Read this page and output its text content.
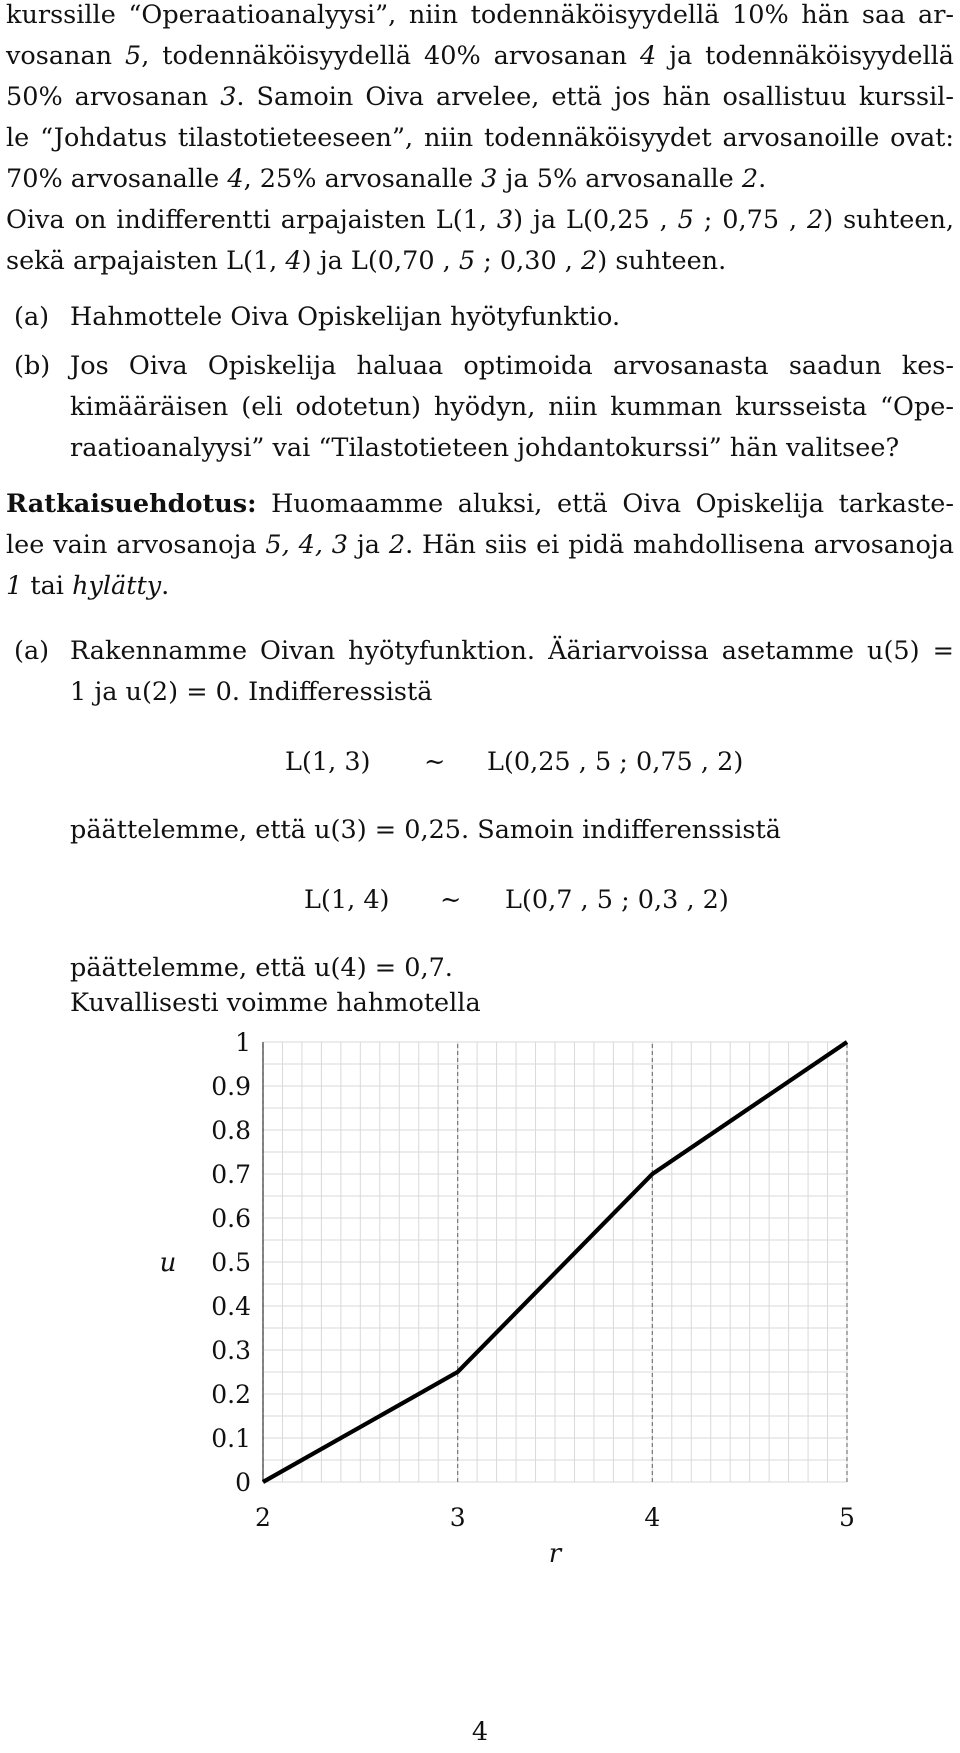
kurssille “Operaatioanalyysi”, niin todennäköisyydellä 10% hän saa ar-

vosanan 5, todennäköisyydellä 40% arvosanan 4 ja todennäköisyydellä

50% arvosanan 3. Samoin Oiva arvelee, että jos hän osallistuu kurssil-

le “Johdatus tilastotieteeseen”, niin todennäköisyydet arvosanoille ovat:

70% arvosanalle 4, 25% arvosanalle 3 ja 5% arvosanalle 2.

Oiva on indifferentti arpajaisten L(1, 3) ja L(0,25 , 5 ; 0,75 , 2) suhteen,

sekä arpajaisten L(1, 4) ja L(0,70 , 5 ; 0,30 , 2) suhteen.

(a) Hahmottele Oiva Opiskelijan hyötyfunktio.

(b) Jos Oiva Opiskelija haluaa optimoida arvosanasta saadun kes-

kimääräisen (eli odotetun) hyödyn, niin kumman kursseista “Ope-

raatioanalyysi” vai “Tilastotieteen johdantokurssi” hän valitsee?

Ratkaisuehdotus: Huomaamme aluksi, että Oiva Opiskelija tarkaste-

lee vain arvosanoja 5, 4, 3 ja 2. Hän siis ei pidä mahdollisena arvosanoja

1 tai hylätty.

(a) Rakennamme Oivan hyötyfunktion. Ääriarvoissa asetamme u(5) =

1 ja u(2) = 0. Indifferessistä

L(1, 3) ∼ L(0,25 , 5 ; 0,75 , 2)

päättelemme, että u(3) = 0,25. Samoin indifferenssistä

L(1, 4) ∼ L(0,7 , 5 ; 0,3 , 2)

päättelemme, että u(4) = 0,7.

Kuvallisesti voimme hahmotella

0
0.1
0.2
0.3
0.4
0.5
0.6
0.7
0.8
0.9
1
2	3	4	5
u
r
4
